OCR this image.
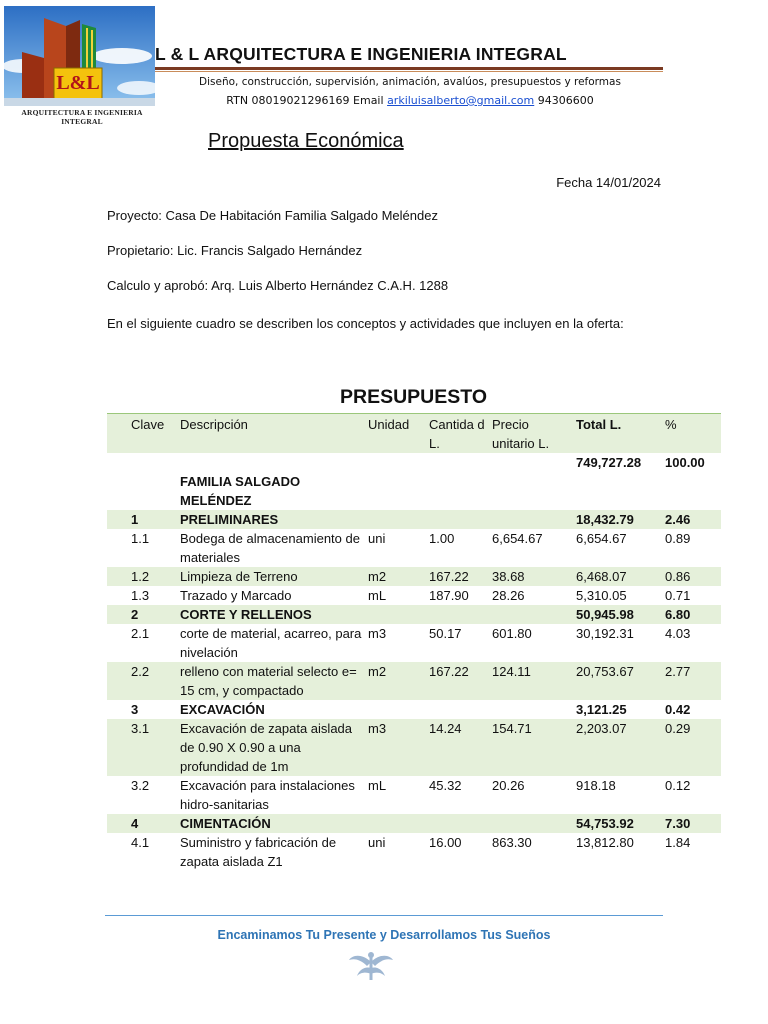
L&L
ARQUITECTURA E INGENIERIA INTEGRAL
L & L ARQUITECTURA E INGENIERIA INTEGRAL
Diseño, construcción, supervisión, animación, avalúos, presupuestos y reformas
RTN 08019021296169 Email arkiluisalberto@gmail.com 94306600
Propuesta Económica
Fecha 14/01/2024
Proyecto: Casa De Habitación Familia Salgado Meléndez
Propietario: Lic. Francis Salgado Hernández
Calculo y aprobó: Arq. Luis Alberto Hernández C.A.H. 1288
En el siguiente cuadro se describen los conceptos y actividades que incluyen en la oferta:
PRESUPUESTO
Clave	Descripción	Unidad	Cantida d L.	Precio unitario L.	Total L.	%
					749,727.28	100.00
	FAMILIA SALGADO MELÉNDEZ					
1	PRELIMINARES				18,432.79	2.46
1.1	Bodega de almacenamiento de materiales	uni	1.00	6,654.67	6,654.67	0.89
1.2	Limpieza de Terreno	m2	167.22	38.68	6,468.07	0.86
1.3	Trazado y Marcado	mL	187.90	28.26	5,310.05	0.71
2	CORTE Y RELLENOS				50,945.98	6.80
2.1	corte de material, acarreo, para nivelación	m3	50.17	601.80	30,192.31	4.03
2.2	relleno con material selecto e= 15 cm, y compactado	m2	167.22	124.11	20,753.67	2.77
3	EXCAVACIÓN				3,121.25	0.42
3.1	Excavación de zapata aislada de 0.90 X 0.90 a una profundidad de 1m	m3	14.24	154.71	2,203.07	0.29
3.2	Excavación para instalaciones hidro-sanitarias	mL	45.32	20.26	918.18	0.12
4	CIMENTACIÓN				54,753.92	7.30
4.1	Suministro y fabricación de zapata aislada Z1	uni	16.00	863.30	13,812.80	1.84
Encaminamos Tu Presente y Desarrollamos Tus Sueños
